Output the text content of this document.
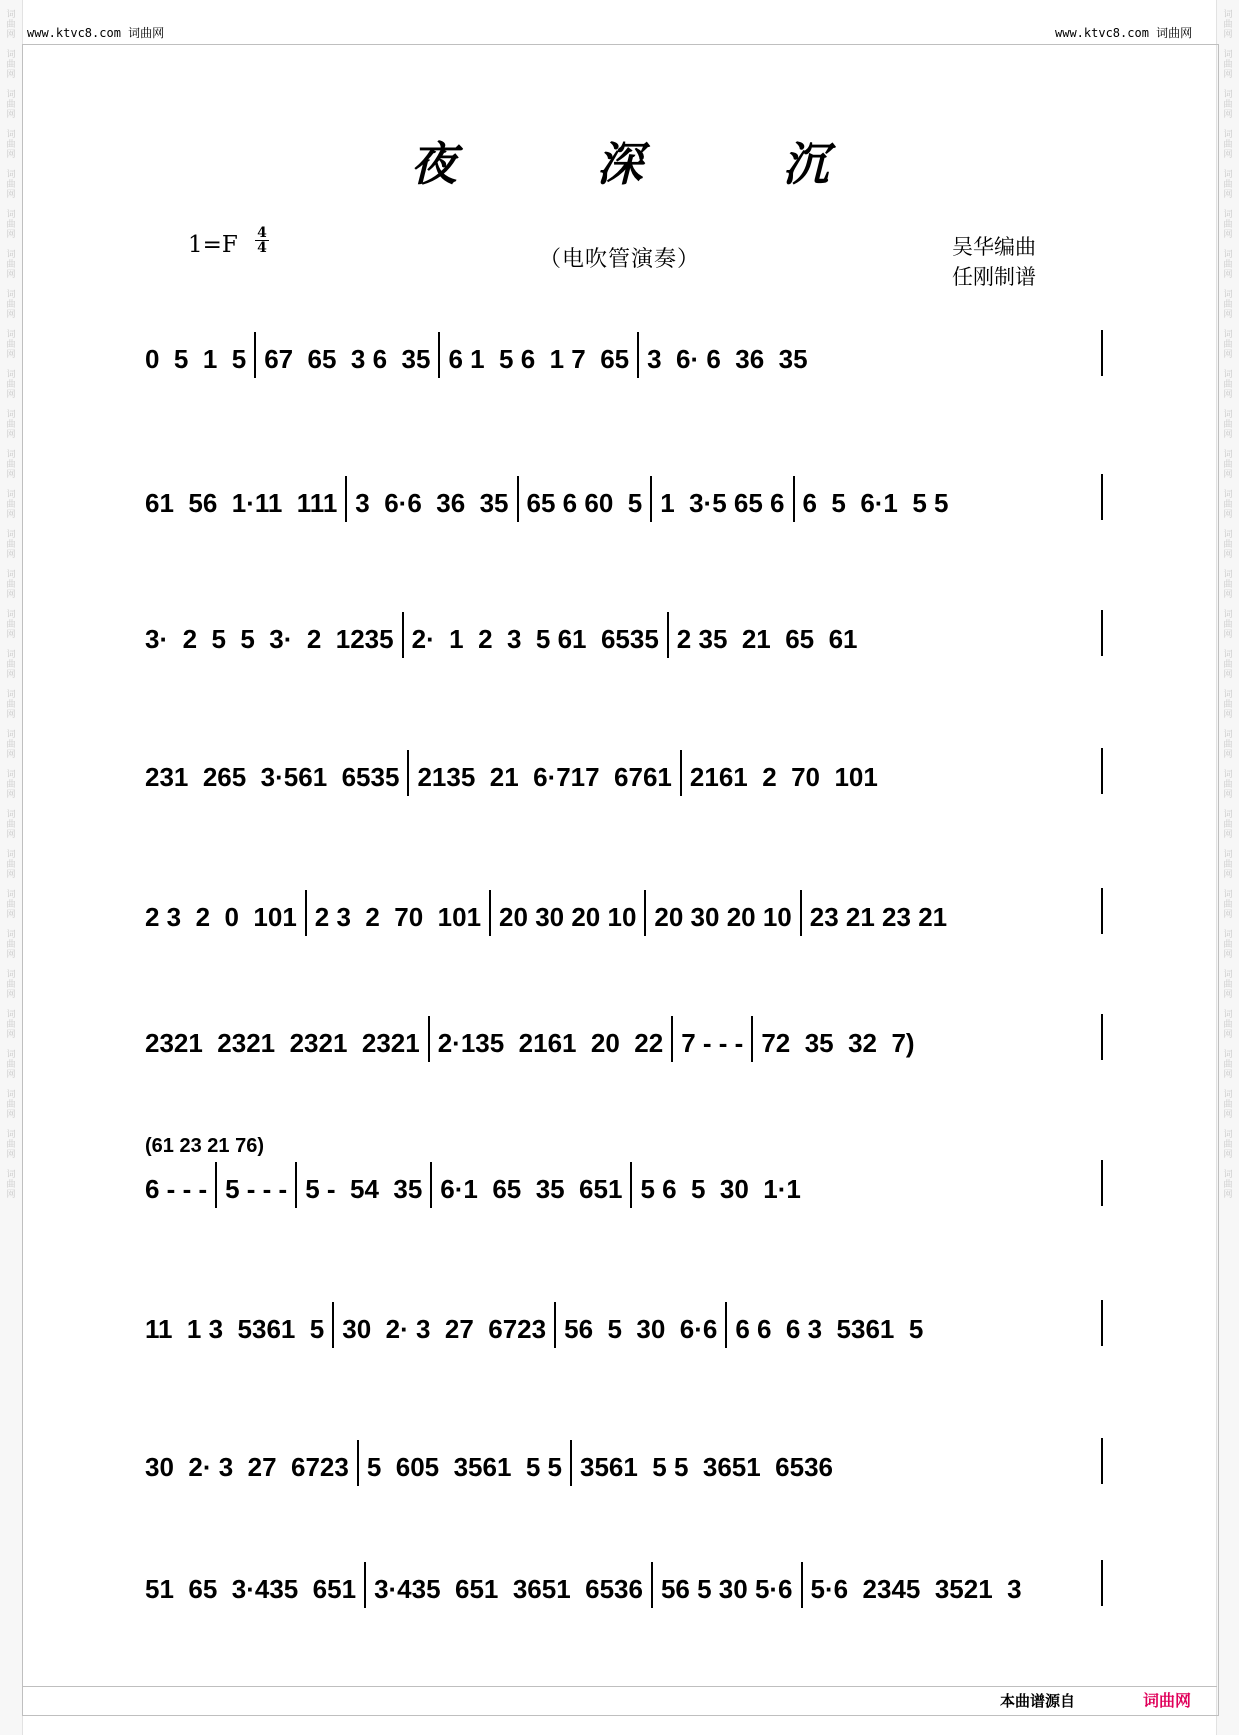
词
曲
网

词
曲
网

词
曲
网

词
曲
网

词
曲
网

词
曲
网

词
曲
网

词
曲
网

词
曲
网

词
曲
网

词
曲
网

词
曲
网

词
曲
网

词
曲
网

词
曲
网

词
曲
网

词
曲
网

词
曲
网

词
曲
网

词
曲
网

词
曲
网

词
曲
网

词
曲
网

词
曲
网

词
曲
网

词
曲
网

词
曲
网

词
曲
网

词
曲
网

词
曲
网
词
曲
网

词
曲
网

词
曲
网

词
曲
网

词
曲
网

词
曲
网

词
曲
网

词
曲
网

词
曲
网

词
曲
网

词
曲
网

词
曲
网

词
曲
网

词
曲
网

词
曲
网

词
曲
网

词
曲
网

词
曲
网

词
曲
网

词
曲
网

词
曲
网

词
曲
网

词
曲
网

词
曲
网

词
曲
网

词
曲
网

词
曲
网

词
曲
网

词
曲
网

词
曲
网
www.ktvc8.com 词曲网	www.ktvc8.com 词曲网
夜 深 沉
1=F 4
4	（电吹管演奏）	吴华编曲
任刚制谱
0  5  1  5 67  65  3 6  35 6 1  5 6  1 7  65 3  6· 6  36  35
61  56  1·11  111 3  6·6  36  35 65 6 60  5 1  3·5 65 6 6  5  6·1  5 5
3·  2  5  5  3·  2  1235 2·  1  2  3  5 61  6535 2 35  21  65  61
231  265  3·561  6535 2135  21  6·717  6761 2161  2  70  101
2 3  2  0  101 2 3  2  70  101 20 30 20 10 20 30 20 10 23 21 23 21
2321  2321  2321  2321 2·135  2161  20  22 7 - - - 72  35  32  7)
6 - - - 5 - - - 5 -  54  35 6·1  65  35  651 5 6  5  30  1·1
11  1 3  5361  5 30  2· 3  27  6723 56  5  30  6·6 6 6  6 3  5361  5
30  2· 3  27  6723 5  605  3561  5 5 3561  5 5  3651  6536
51  65  3·435  651 3·435  651  3651  6536 56 5 30 5·6 5·6  2345  3521  3
(61 23 21 76)
本曲谱源自	词曲网
